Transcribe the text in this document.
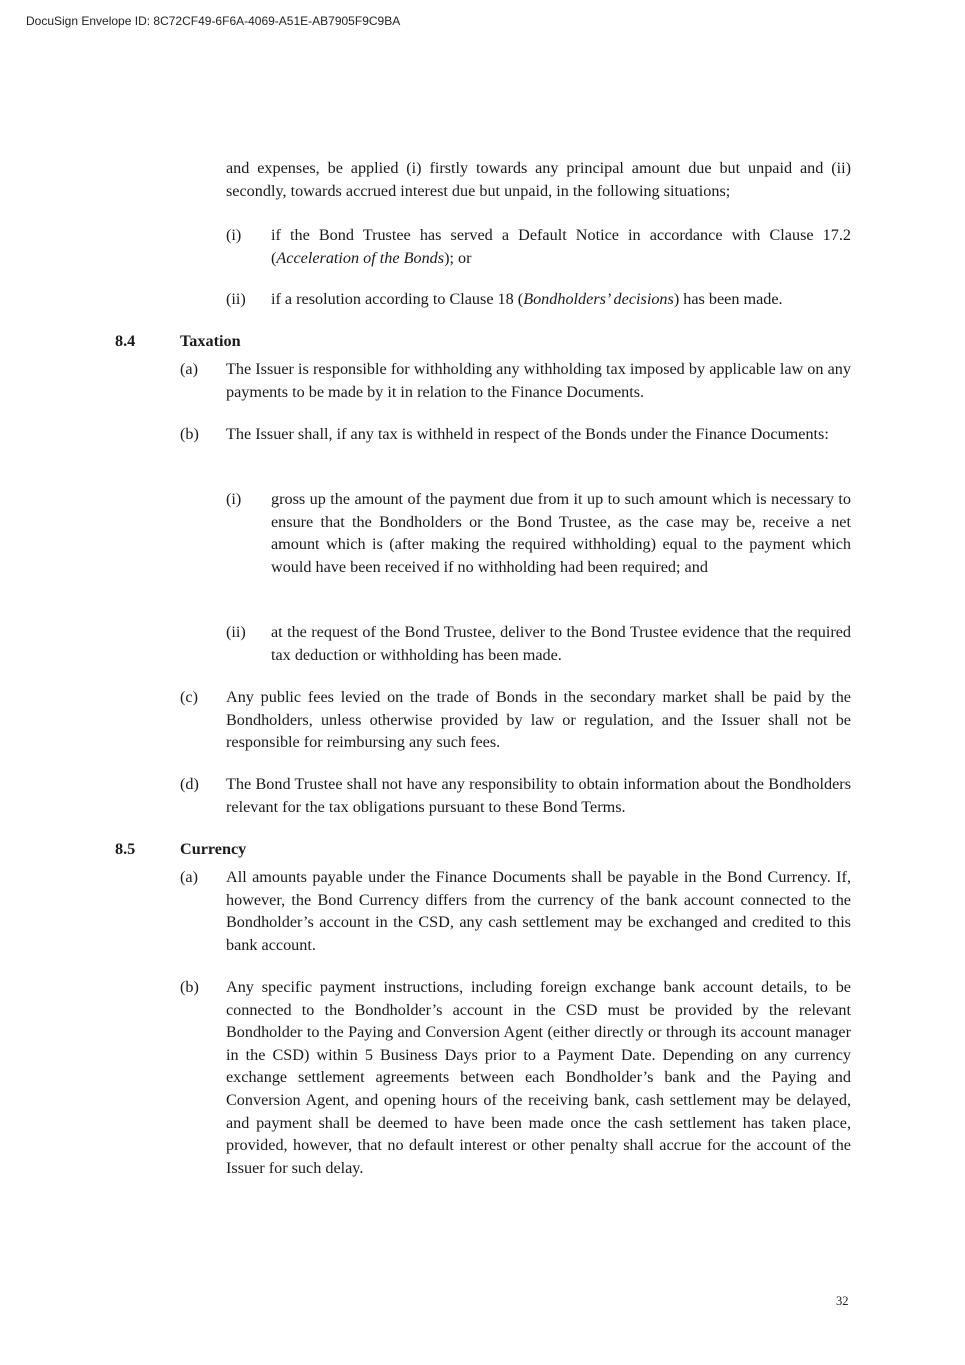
DocuSign Envelope ID: 8C72CF49-6F6A-4069-A51E-AB7905F9C9BA
and expenses, be applied (i) firstly towards any principal amount due but unpaid and (ii) secondly, towards accrued interest due but unpaid, in the following situations;
(i) if the Bond Trustee has served a Default Notice in accordance with Clause 17.2 (Acceleration of the Bonds); or
(ii) if a resolution according to Clause 18 (Bondholders’ decisions) has been made.
8.4	Taxation
(a) The Issuer is responsible for withholding any withholding tax imposed by applicable law on any payments to be made by it in relation to the Finance Documents.
(b) The Issuer shall, if any tax is withheld in respect of the Bonds under the Finance Documents:
(i) gross up the amount of the payment due from it up to such amount which is necessary to ensure that the Bondholders or the Bond Trustee, as the case may be, receive a net amount which is (after making the required withholding) equal to the payment which would have been received if no withholding had been required; and
(ii) at the request of the Bond Trustee, deliver to the Bond Trustee evidence that the required tax deduction or withholding has been made.
(c) Any public fees levied on the trade of Bonds in the secondary market shall be paid by the Bondholders, unless otherwise provided by law or regulation, and the Issuer shall not be responsible for reimbursing any such fees.
(d) The Bond Trustee shall not have any responsibility to obtain information about the Bondholders relevant for the tax obligations pursuant to these Bond Terms.
8.5	Currency
(a) All amounts payable under the Finance Documents shall be payable in the Bond Currency. If, however, the Bond Currency differs from the currency of the bank account connected to the Bondholder’s account in the CSD, any cash settlement may be exchanged and credited to this bank account.
(b) Any specific payment instructions, including foreign exchange bank account details, to be connected to the Bondholder’s account in the CSD must be provided by the relevant Bondholder to the Paying and Conversion Agent (either directly or through its account manager in the CSD) within 5 Business Days prior to a Payment Date. Depending on any currency exchange settlement agreements between each Bondholder’s bank and the Paying and Conversion Agent, and opening hours of the receiving bank, cash settlement may be delayed, and payment shall be deemed to have been made once the cash settlement has taken place, provided, however, that no default interest or other penalty shall accrue for the account of the Issuer for such delay.
32
